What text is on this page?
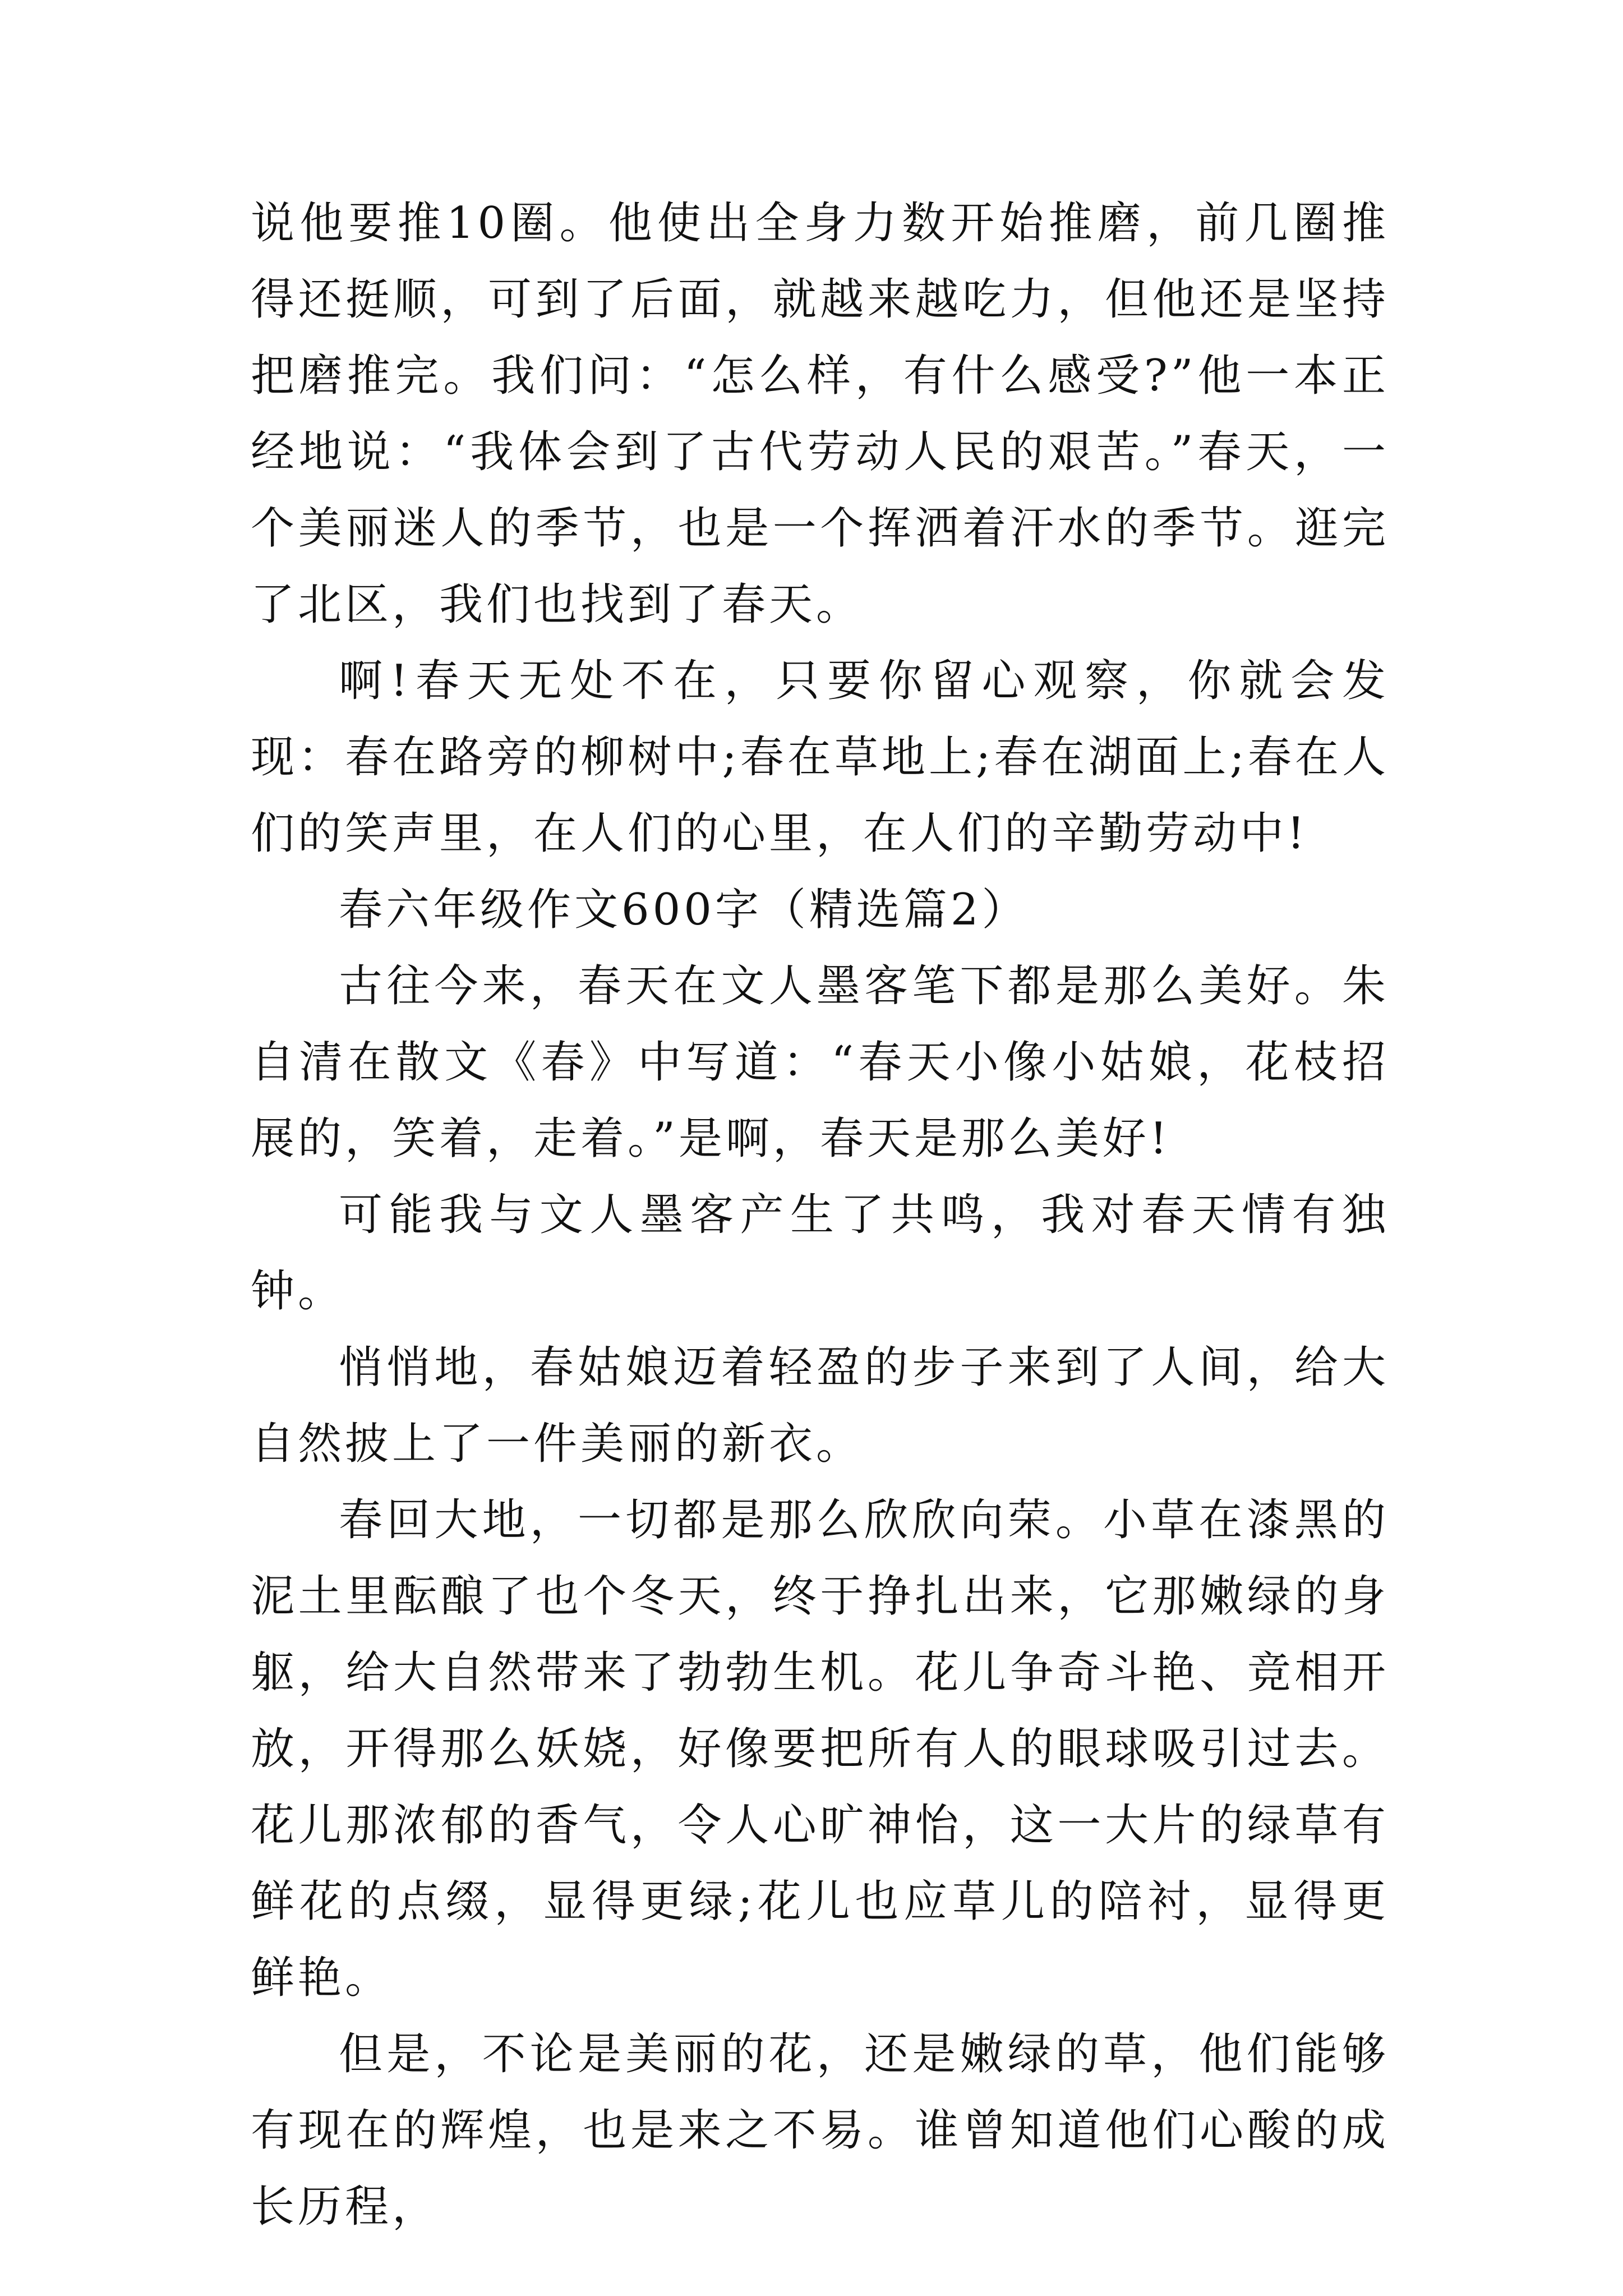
说他要推10圈。他使出全身力数开始推磨，前几圈推得还挺顺，可到了后面，就越来越吃力，但他还是坚持把磨推完。我们问：“怎么样，有什么感受?”他一本正经地说：“我体会到了古代劳动人民的艰苦。”春天，一个美丽迷人的季节，也是一个挥洒着汗水的季节。逛完了北区，我们也找到了春天。

啊!春天无处不在，只要你留心观察，你就会发现：春在路旁的柳树中;春在草地上;春在湖面上;春在人们的笑声里，在人们的心里，在人们的辛勤劳动中!

春六年级作文600字（精选篇2）

古往今来，春天在文人墨客笔下都是那么美好。朱自清在散文《春》中写道：“春天小像小姑娘，花枝招展的，笑着，走着。”是啊，春天是那么美好!

可能我与文人墨客产生了共鸣，我对春天情有独钟。

悄悄地，春姑娘迈着轻盈的步子来到了人间，给大自然披上了一件美丽的新衣。

春回大地，一切都是那么欣欣向荣。小草在漆黑的泥土里酝酿了也个冬天，终于挣扎出来，它那嫩绿的身躯，给大自然带来了勃勃生机。花儿争奇斗艳、竞相开放，开得那么妖娆，好像要把所有人的眼球吸引过去。花儿那浓郁的香气，令人心旷神怡，这一大片的绿草有鲜花的点缀，显得更绿;花儿也应草儿的陪衬，显得更鲜艳。

但是，不论是美丽的花，还是嫩绿的草，他们能够有现在的辉煌，也是来之不易。谁曾知道他们心酸的成长历程，
